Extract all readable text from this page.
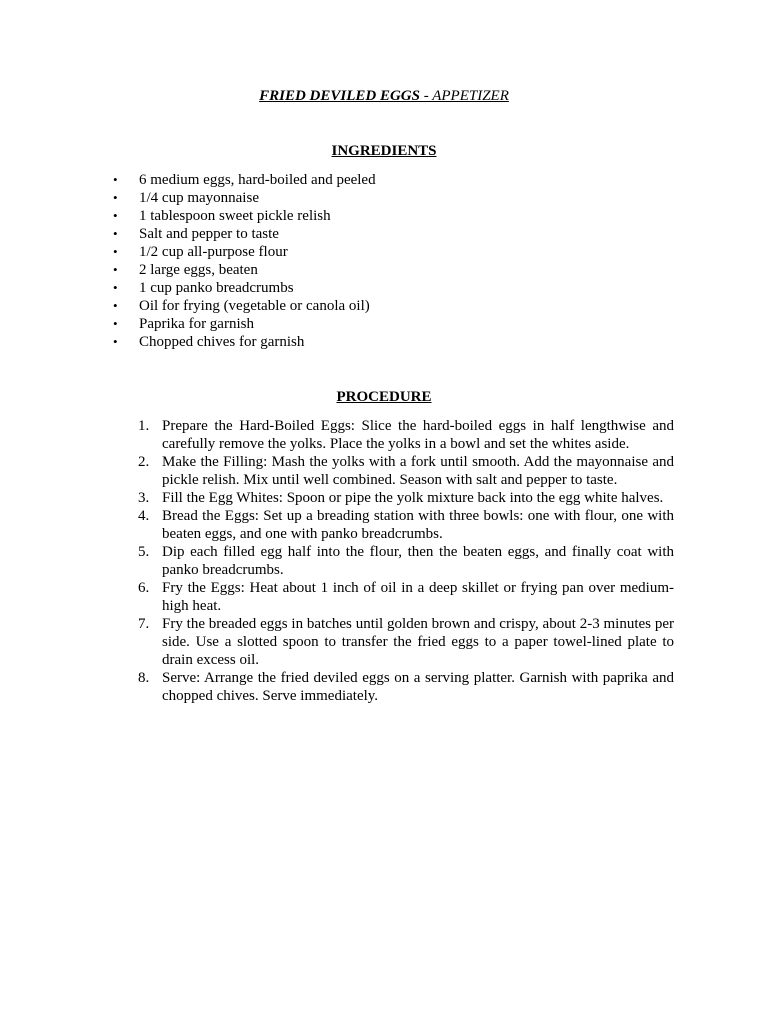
FRIED DEVILED EGGS - APPETIZER
INGREDIENTS
• 6 medium eggs, hard-boiled and peeled
• 1/4 cup mayonnaise
• 1 tablespoon sweet pickle relish
• Salt and pepper to taste
• 1/2 cup all-purpose flour
• 2 large eggs, beaten
• 1 cup panko breadcrumbs
• Oil for frying (vegetable or canola oil)
• Paprika for garnish
• Chopped chives for garnish
PROCEDURE
1. Prepare the Hard-Boiled Eggs: Slice the hard-boiled eggs in half lengthwise and carefully remove the yolks. Place the yolks in a bowl and set the whites aside.
2. Make the Filling: Mash the yolks with a fork until smooth. Add the mayonnaise and pickle relish. Mix until well combined. Season with salt and pepper to taste.
3. Fill the Egg Whites: Spoon or pipe the yolk mixture back into the egg white halves.
4. Bread the Eggs: Set up a breading station with three bowls: one with flour, one with beaten eggs, and one with panko breadcrumbs.
5. Dip each filled egg half into the flour, then the beaten eggs, and finally coat with panko breadcrumbs.
6. Fry the Eggs: Heat about 1 inch of oil in a deep skillet or frying pan over medium-high heat.
7. Fry the breaded eggs in batches until golden brown and crispy, about 2-3 minutes per side. Use a slotted spoon to transfer the fried eggs to a paper towel-lined plate to drain excess oil.
8. Serve: Arrange the fried deviled eggs on a serving platter. Garnish with paprika and chopped chives. Serve immediately.
